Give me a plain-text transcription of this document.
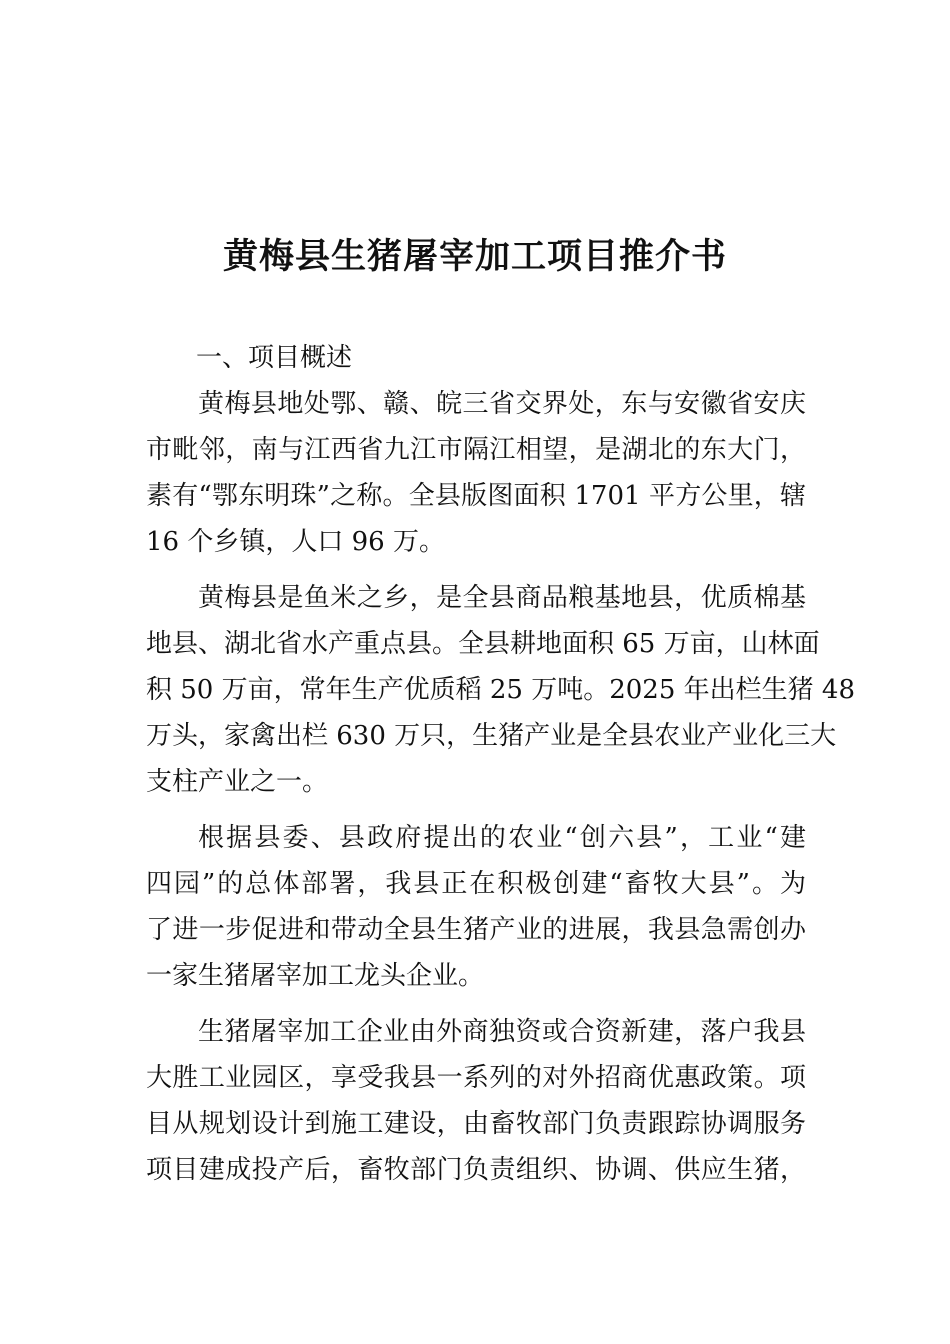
黄梅县生猪屠宰加工项目推介书
一、项目概述
黄梅县地处鄂、赣、皖三省交界处，东与安徽省安庆
市毗邻，南与江西省九江市隔江相望，是湖北的东大门，
素有“鄂东明珠”之称。全县版图面积 1701 平方公里，辖
16 个乡镇，人口 96 万。
黄梅县是鱼米之乡，是全县商品粮基地县，优质棉基
地县、湖北省水产重点县。全县耕地面积 65 万亩，山林面
积 50 万亩，常年生产优质稻 25 万吨。2025 年出栏生猪 48
万头，家禽出栏 630 万只，生猪产业是全县农业产业化三大
支柱产业之一。
根据县委、县政府提出的农业“创六县”，工业“建
四园”的总体部署，我县正在积极创建“畜牧大县”。为
了进一步促进和带动全县生猪产业的进展，我县急需创办
一家生猪屠宰加工龙头企业。
生猪屠宰加工企业由外商独资或合资新建，落户我县
大胜工业园区，享受我县一系列的对外招商优惠政策。项
目从规划设计到施工建设，由畜牧部门负责跟踪协调服务
项目建成投产后，畜牧部门负责组织、协调、供应生猪，
